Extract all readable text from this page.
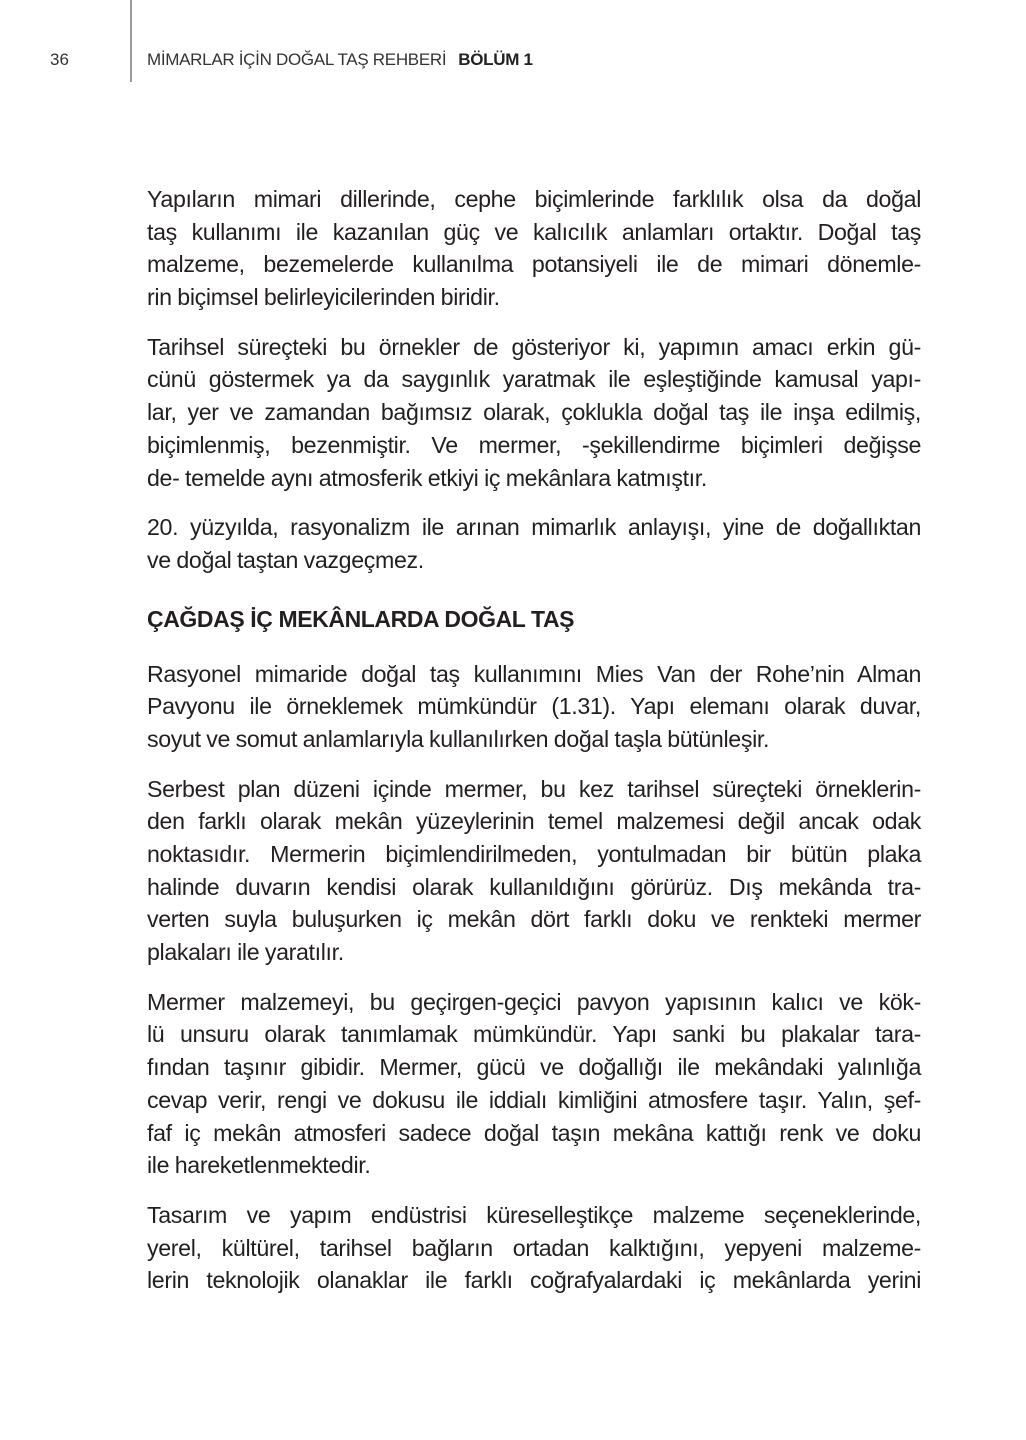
36	MİMARLAR İÇİN DOĞAL TAŞ REHBERİ BÖLÜM 1
Yapıların mimari dillerinde, cephe biçimlerinde farklılık olsa da doğal
taş kullanımı ile kazanılan güç ve kalıcılık anlamları ortaktır. Doğal taş
malzeme, bezemelerde kullanılma potansiyeli ile de mimari dönemle-
rin biçimsel belirleyicilerinden biridir.
Tarihsel süreçteki bu örnekler de gösteriyor ki, yapımın amacı erkin gü-
cünü göstermek ya da saygınlık yaratmak ile eşleştiğinde kamusal yapı-
lar, yer ve zamandan bağımsız olarak, çoklukla doğal taş ile inşa edilmiş,
biçimlenmiş, bezenmiştir. Ve mermer, -şekillendirme biçimleri değişse
de- temelde aynı atmosferik etkiyi iç mekânlara katmıştır.
20. yüzyılda, rasyonalizm ile arınan mimarlık anlayışı, yine de doğallıktan
ve doğal taştan vazgeçmez.
ÇAĞDAŞ İÇ MEKÂNLARDA DOĞAL TAŞ
Rasyonel mimaride doğal taş kullanımını Mies Van der Rohe’nin Alman
Pavyonu ile örneklemek mümkündür (1.31). Yapı elemanı olarak duvar,
soyut ve somut anlamlarıyla kullanılırken doğal taşla bütünleşir.
Serbest plan düzeni içinde mermer, bu kez tarihsel süreçteki örneklerin-
den farklı olarak mekân yüzeylerinin temel malzemesi değil ancak odak
noktasıdır. Mermerin biçimlendirilmeden, yontulmadan bir bütün plaka
halinde duvarın kendisi olarak kullanıldığını görürüz. Dış mekânda tra-
verten suyla buluşurken iç mekân dört farklı doku ve renkteki mermer
plakaları ile yaratılır.
Mermer malzemeyi, bu geçirgen-geçici pavyon yapısının kalıcı ve kök-
lü unsuru olarak tanımlamak mümkündür. Yapı sanki bu plakalar tara-
fından taşınır gibidir. Mermer, gücü ve doğallığı ile mekândaki yalınlığa
cevap verir, rengi ve dokusu ile iddialı kimliğini atmosfere taşır. Yalın, şef-
faf iç mekân atmosferi sadece doğal taşın mekâna kattığı renk ve doku
ile hareketlenmektedir.
Tasarım ve yapım endüstrisi küreselleştikçe malzeme seçeneklerinde,
yerel, kültürel, tarihsel bağların ortadan kalktığını, yepyeni malzeme-
lerin teknolojik olanaklar ile farklı coğrafyalardaki iç mekânlarda yerini
